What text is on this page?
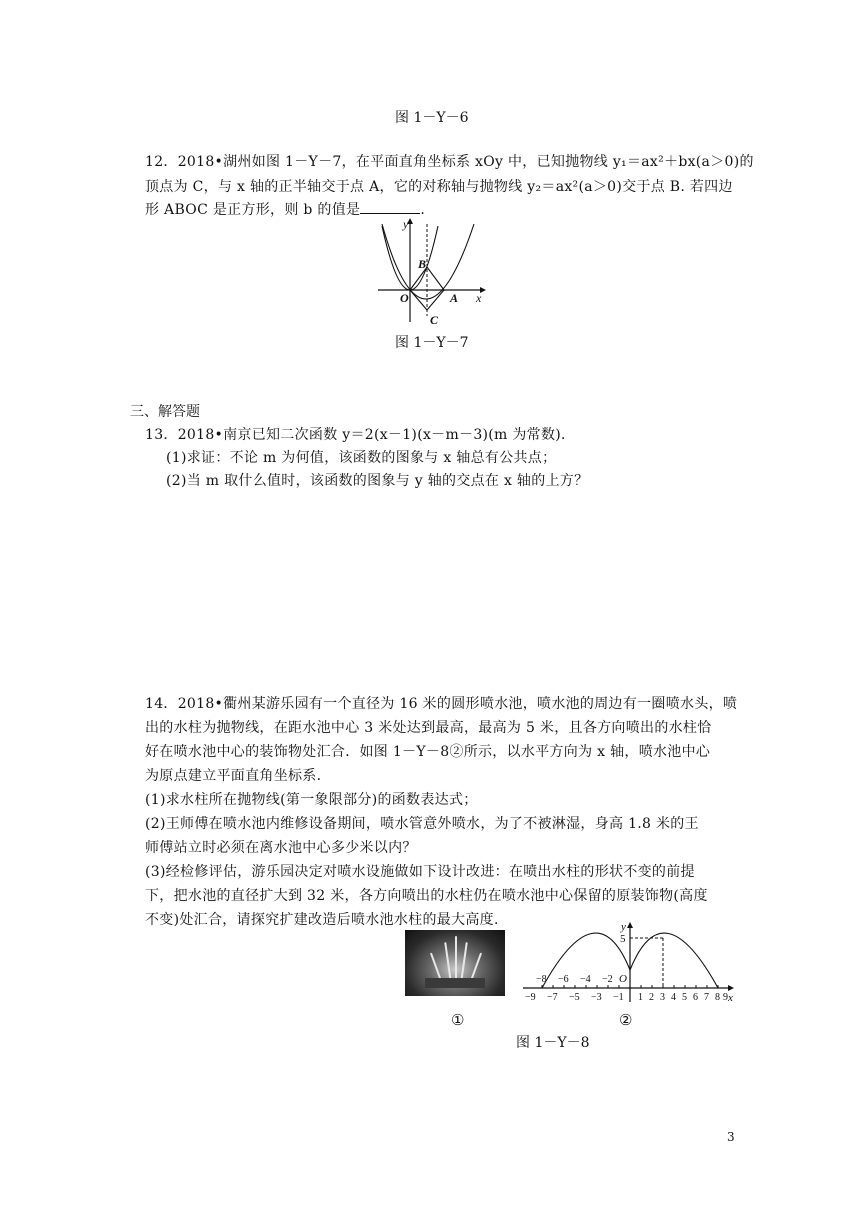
图 1－Y－6
12．2018•湖州如图 1－Y－7，在平面直角坐标系 xOy 中，已知抛物线 y₁＝ax²＋bx(a＞0)的
顶点为 C，与 x 轴的正半轴交于点 A，它的对称轴与抛物线 y₂＝ax²(a＞0)交于点 B. 若四边
形 ABOC 是正方形，则 b 的值是	.
y
x
O
B
A
C
图 1－Y－7
三、解答题
13．2018•南京已知二次函数 y＝2(x－1)(x－m－3)(m 为常数)．
(1)求证：不论 m 为何值，该函数的图象与 x 轴总有公共点；
(2)当 m 取什么值时，该函数的图象与 y 轴的交点在 x 轴的上方？
14．2018•衢州某游乐园有一个直径为 16 米的圆形喷水池，喷水池的周边有一圈喷水头，喷
出的水柱为抛物线，在距水池中心 3 米处达到最高，最高为 5 米，且各方向喷出的水柱恰
好在喷水池中心的装饰物处汇合．如图 1－Y－8②所示，以水平方向为 x 轴，喷水池中心
为原点建立平面直角坐标系．
(1)求水柱所在抛物线(第一象限部分)的函数表达式；
(2)王师傅在喷水池内维修设备期间，喷水管意外喷水，为了不被淋湿，身高 1.8 米的王
师傅站立时必须在离水池中心多少米以内？
(3)经检修评估，游乐园决定对喷水设施做如下设计改进：在喷出水柱的形状不变的前提
下，把水池的直径扩大到 32 米，各方向喷出的水柱仍在喷水池中心保留的原装饰物(高度
不变)处汇合，请探究扩建改造后喷水池水柱的最大高度．	y
5
O
x
−8 −6 −4 −2
−9 −7 −5 −3 −1 1 2 3 4 5 6 7 8 9
①	②
图 1－Y－8
3
